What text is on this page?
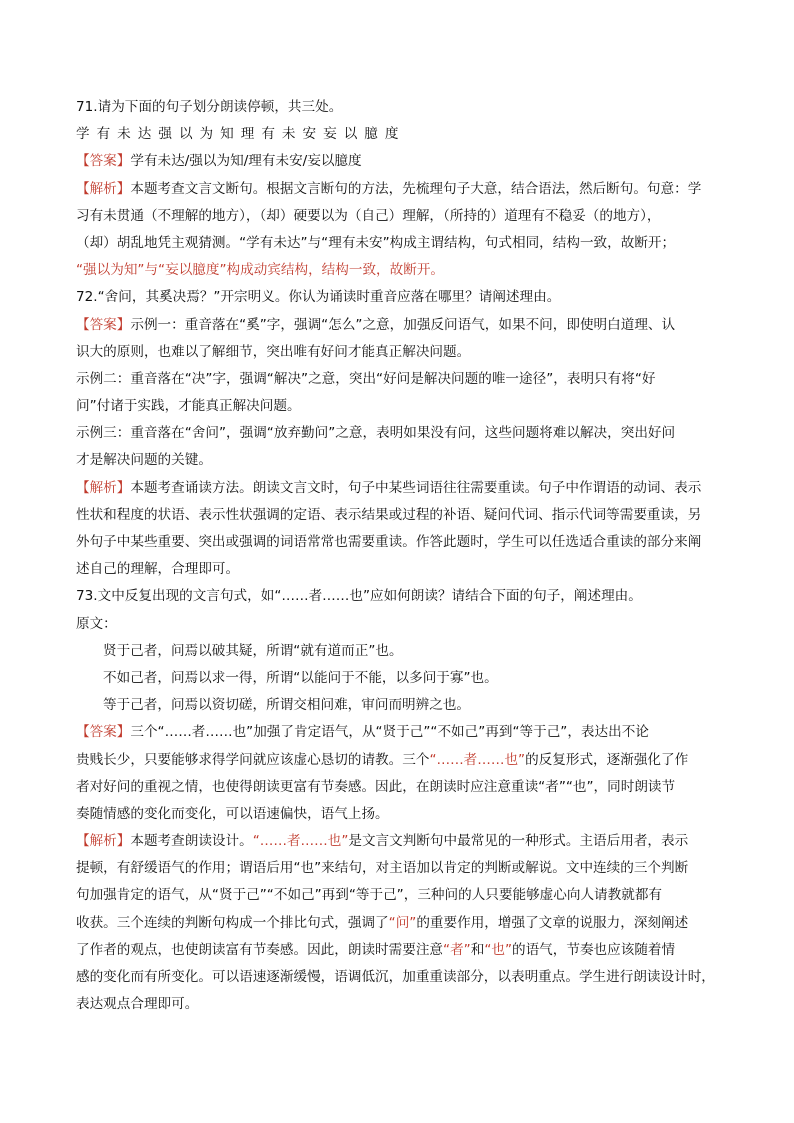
71.请为下面的句子划分朗读停顿，共三处。
学有未达强以为知理有未安妄以臆度
【答案】学有未达/强以为知/理有未安/妄以臆度
【解析】本题考查文言文断句。根据文言断句的方法，先梳理句子大意，结合语法，然后断句。句意：学
习有未贯通（不理解的地方），（却）硬要以为（自己）理解，（所持的）道理有不稳妥（的地方），
（却）胡乱地凭主观猜测。“学有未达”与“理有未安”构成主谓结构，句式相同，结构一致，故断开；
“强以为知”与“妄以臆度”构成动宾结构，结构一致，故断开。
72.“舍问，其奚决焉？”开宗明义。你认为诵读时重音应落在哪里？请阐述理由。
【答案】示例一：重音落在“奚”字，强调“怎么”之意，加强反问语气，如果不问，即使明白道理、认
识大的原则，也难以了解细节，突出唯有好问才能真正解决问题。
示例二：重音落在“决”字，强调“解决”之意，突出“好问是解决问题的唯一途径”，表明只有将“好
问”付诸于实践，才能真正解决问题。
示例三：重音落在“舍问”，强调“放弃勤问”之意，表明如果没有问，这些问题将难以解决，突出好问
才是解决问题的关键。
【解析】本题考查诵读方法。朗读文言文时，句子中某些词语往往需要重读。句子中作谓语的动词、表示
性状和程度的状语、表示性状强调的定语、表示结果或过程的补语、疑问代词、指示代词等需要重读，另
外句子中某些重要、突出或强调的词语常常也需要重读。作答此题时，学生可以任选适合重读的部分来阐
述自己的理解，合理即可。
73.文中反复出现的文言句式，如“……者……也”应如何朗读？请结合下面的句子，阐述理由。
原文：
贤于己者，问焉以破其疑，所谓“就有道而正”也。
不如己者，问焉以求一得，所谓“以能问于不能，以多问于寡”也。
等于己者，问焉以资切磋，所谓交相问难，审问而明辨之也。
【答案】三个“……者……也”加强了肯定语气，从“贤于己”“不如己”再到“等于己”，表达出不论
贵贱长少，只要能够求得学问就应该虚心恳切的请教。三个“……者……也”的反复形式，逐渐强化了作
者对好问的重视之情，也使得朗读更富有节奏感。因此，在朗读时应注意重读“者”“也”，同时朗读节
奏随情感的变化而变化，可以语速偏快，语气上扬。
【解析】本题考查朗读设计。“……者……也”是文言文判断句中最常见的一种形式。主语后用者，表示
提顿，有舒缓语气的作用；谓语后用“也”来结句，对主语加以肯定的判断或解说。文中连续的三个判断
句加强肯定的语气，从“贤于己”“不如己”再到“等于己”，三种问的人只要能够虚心向人请教就都有
收获。三个连续的判断句构成一个排比句式，强调了“问”的重要作用，增强了文章的说服力，深刻阐述
了作者的观点，也使朗读富有节奏感。因此，朗读时需要注意“者”和“也”的语气，节奏也应该随着情
感的变化而有所变化。可以语速逐渐缓慢，语调低沉，加重重读部分，以表明重点。学生进行朗读设计时，
表达观点合理即可。
